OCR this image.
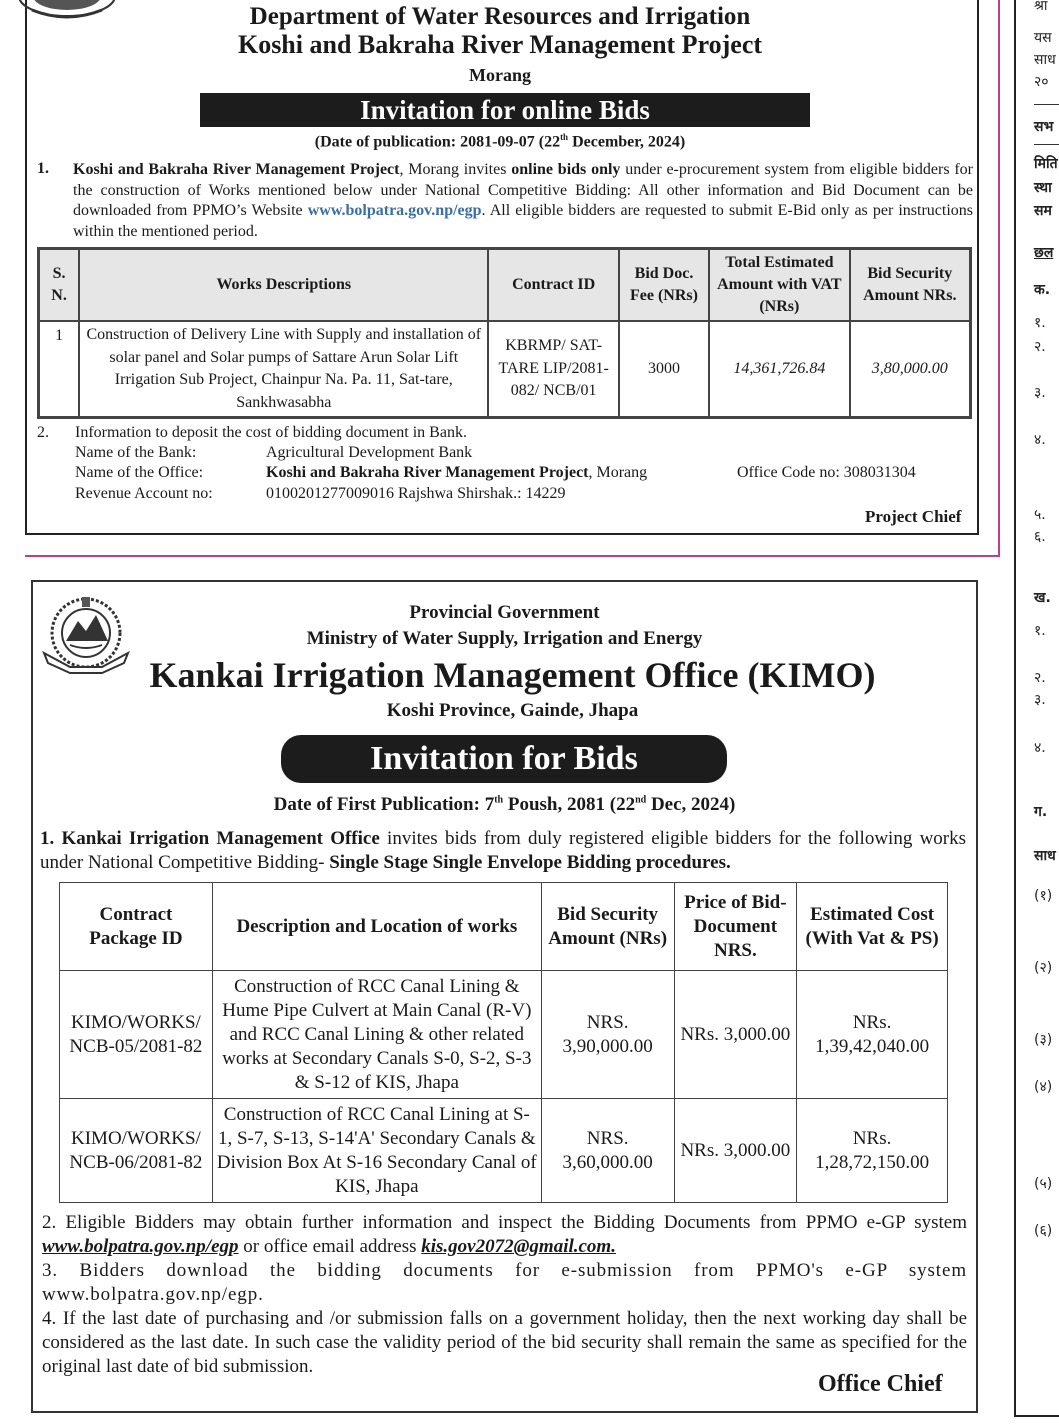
Department of Water Resources and Irrigation
Koshi and Bakraha River Management Project
Morang
Invitation for online Bids
(Date of publication: 2081-09-07 (22th December, 2024)
1. Koshi and Bakraha River Management Project, Morang invites online bids only under e-procurement system from eligible bidders for the construction of Works mentioned below under National Competitive Bidding: All other information and Bid Document can be downloaded from PPMO’s Website www.bolpatra.gov.np/egp. All eligible bidders are requested to submit E-Bid only as per instructions within the mentioned period.
S. N.	Works Descriptions	Contract ID	Bid Doc. Fee (NRs)	Total Estimated Amount with VAT (NRs)	Bid Security Amount NRs.
1	Construction of Delivery Line with Supply and installation of solar panel and Solar pumps of Sattare Arun Solar Lift Irrigation Sub Project, Chainpur Na. Pa. 11, Sat-tare, Sankhwasabha	KBRMP/ SAT-TARE LIP/2081-082/ NCB/01	3000	14,361,726.84	3,80,000.00
2. Information to deposit the cost of bidding document in Bank.
Name of the Bank:	Agricultural Development Bank
Name of the Office:	Koshi and Bakraha River Management Project, Morang	Office Code no: 308031304
Revenue Account no:	0100201277009016 Rajshwa Shirshak.: 14229
Project Chief
Provincial Government
Ministry of Water Supply, Irrigation and Energy
Kankai Irrigation Management Office (KIMO)
Koshi Province, Gainde, Jhapa
Invitation for Bids
Date of First Publication: 7th Poush, 2081 (22nd Dec, 2024)
1. Kankai Irrigation Management Office invites bids from duly registered eligible bidders for the following works under National Competitive Bidding- Single Stage Single Envelope Bidding procedures.
Contract Package ID	Description and Location of works	Bid Security Amount (NRs)	Price of Bid-Document NRS.	Estimated Cost (With Vat & PS)
KIMO/WORKS/ NCB-05/2081-82	Construction of RCC Canal Lining & Hume Pipe Culvert at Main Canal (R-V) and RCC Canal Lining & other related works at Secondary Canals S-0, S-2, S-3 & S-12 of KIS, Jhapa	NRS. 3,90,000.00	NRs. 3,000.00	NRs. 1,39,42,040.00
KIMO/WORKS/ NCB-06/2081-82	Construction of RCC Canal Lining at S-1, S-7, S-13, S-14'A' Secondary Canals & Division Box At S-16 Secondary Canal of KIS, Jhapa	NRS. 3,60,000.00	NRs. 3,000.00	NRs. 1,28,72,150.00
2. Eligible Bidders may obtain further information and inspect the Bidding Documents from PPMO e-GP system www.bolpatra.gov.np/egp or office email address kis.gov2072@gmail.com.
3. Bidders download the bidding documents for e-submission from PPMO's e-GP system www.bolpatra.gov.np/egp.
4. If the last date of purchasing and /or submission falls on a government holiday, then the next working day shall be considered as the last date. In such case the validity period of the bid security shall remain the same as specified for the original last date of bid submission.
Office Chief
श्रा
यस
साध
२०
सभ
मिति
स्था
सम
छल
क.
१.
२.
३.
४.
५.
६.
ख.
१.
२.
३.
४.
ग.
साध
(१)
(२)
(३)
(४)
(५)
(६)
